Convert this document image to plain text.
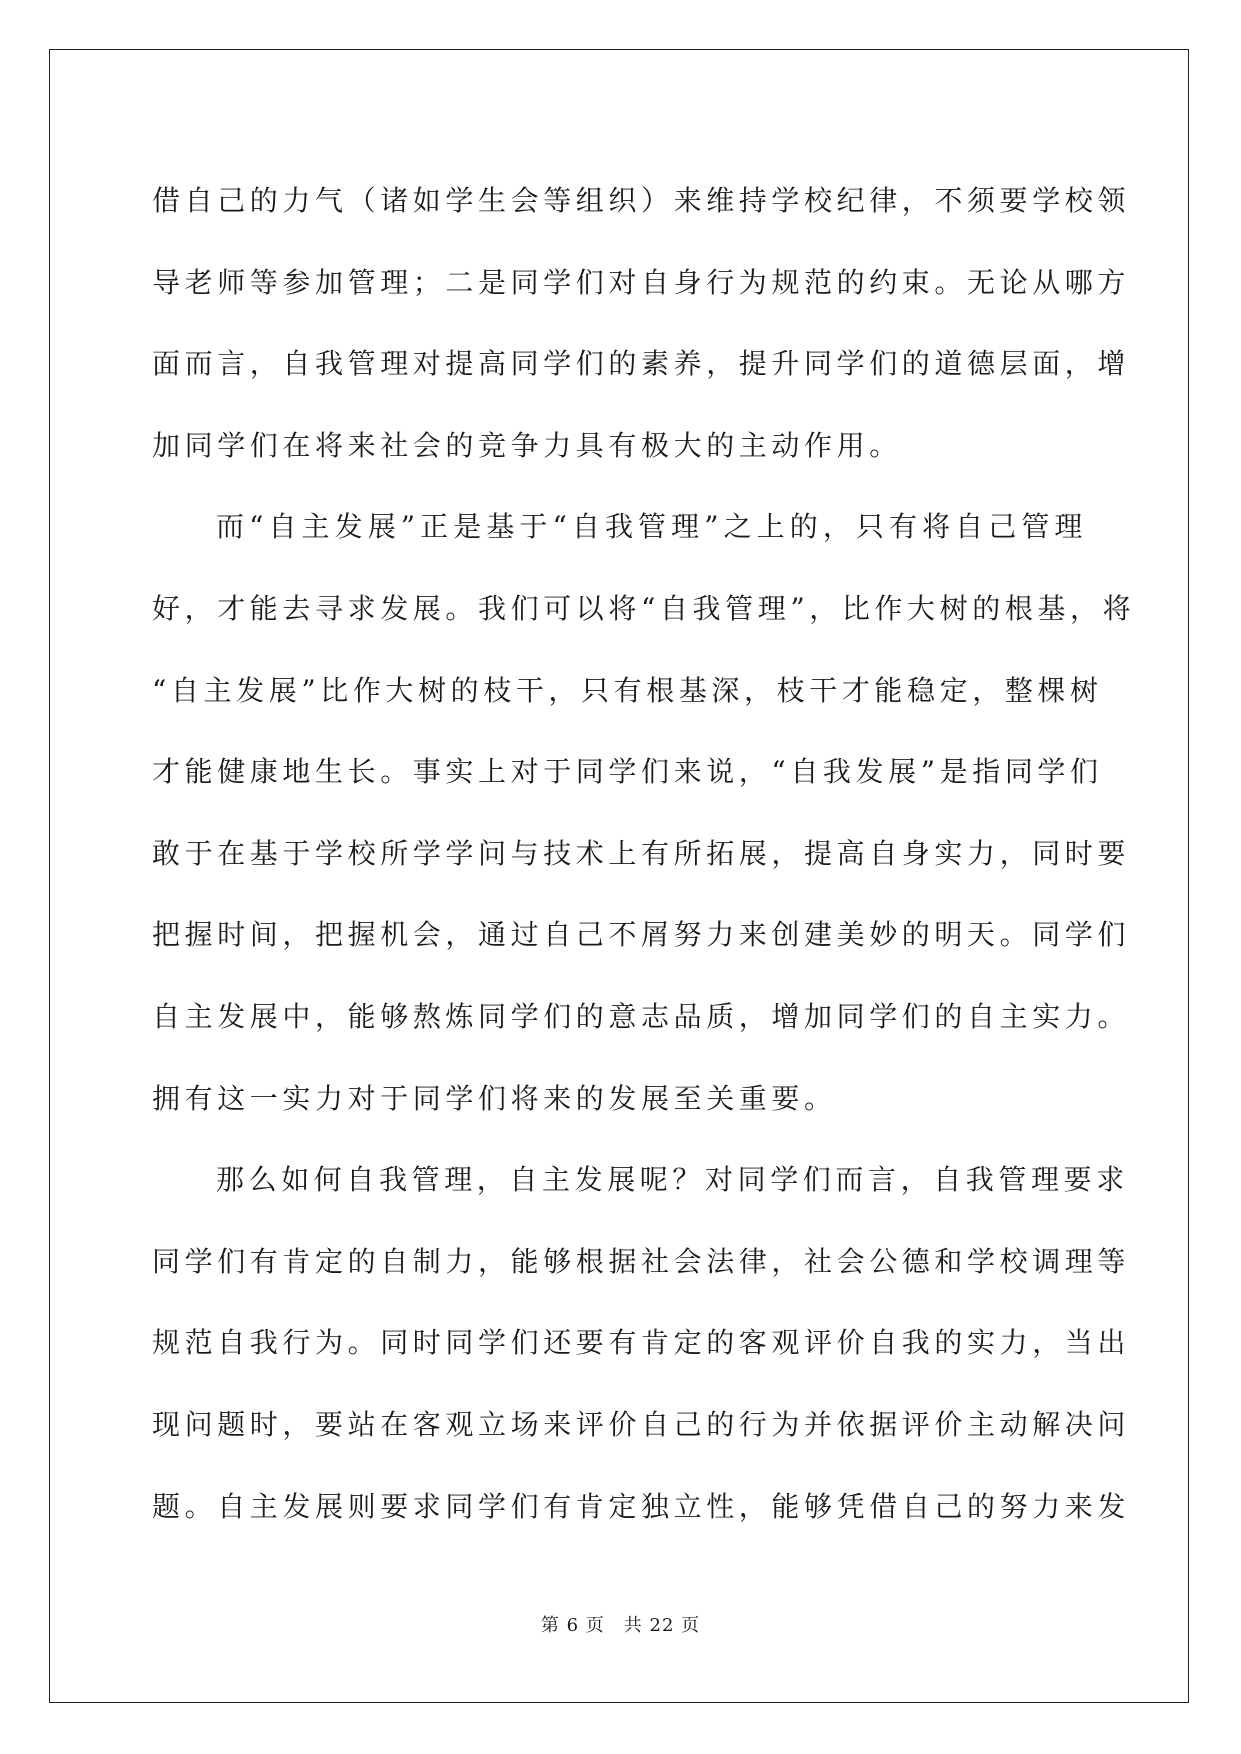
借自己的力气（诸如学生会等组织）来维持学校纪律，不须要学校领
导老师等参加管理；二是同学们对自身行为规范的约束。无论从哪方
面而言，自我管理对提高同学们的素养，提升同学们的道德层面，增
加同学们在将来社会的竞争力具有极大的主动作用。
而“自主发展”正是基于“自我管理”之上的，只有将自己管理
好，才能去寻求发展。我们可以将“自我管理”，比作大树的根基，将
“自主发展”比作大树的枝干，只有根基深，枝干才能稳定，整棵树
才能健康地生长。事实上对于同学们来说，“自我发展”是指同学们
敢于在基于学校所学学问与技术上有所拓展，提高自身实力，同时要
把握时间，把握机会，通过自己不屑努力来创建美妙的明天。同学们
自主发展中，能够熬炼同学们的意志品质，增加同学们的自主实力。
拥有这一实力对于同学们将来的发展至关重要。
那么如何自我管理，自主发展呢？对同学们而言，自我管理要求
同学们有肯定的自制力，能够根据社会法律，社会公德和学校调理等
规范自我行为。同时同学们还要有肯定的客观评价自我的实力，当出
现问题时，要站在客观立场来评价自己的行为并依据评价主动解决问
题。自主发展则要求同学们有肯定独立性，能够凭借自己的努力来发
第 6 页　共 22 页
